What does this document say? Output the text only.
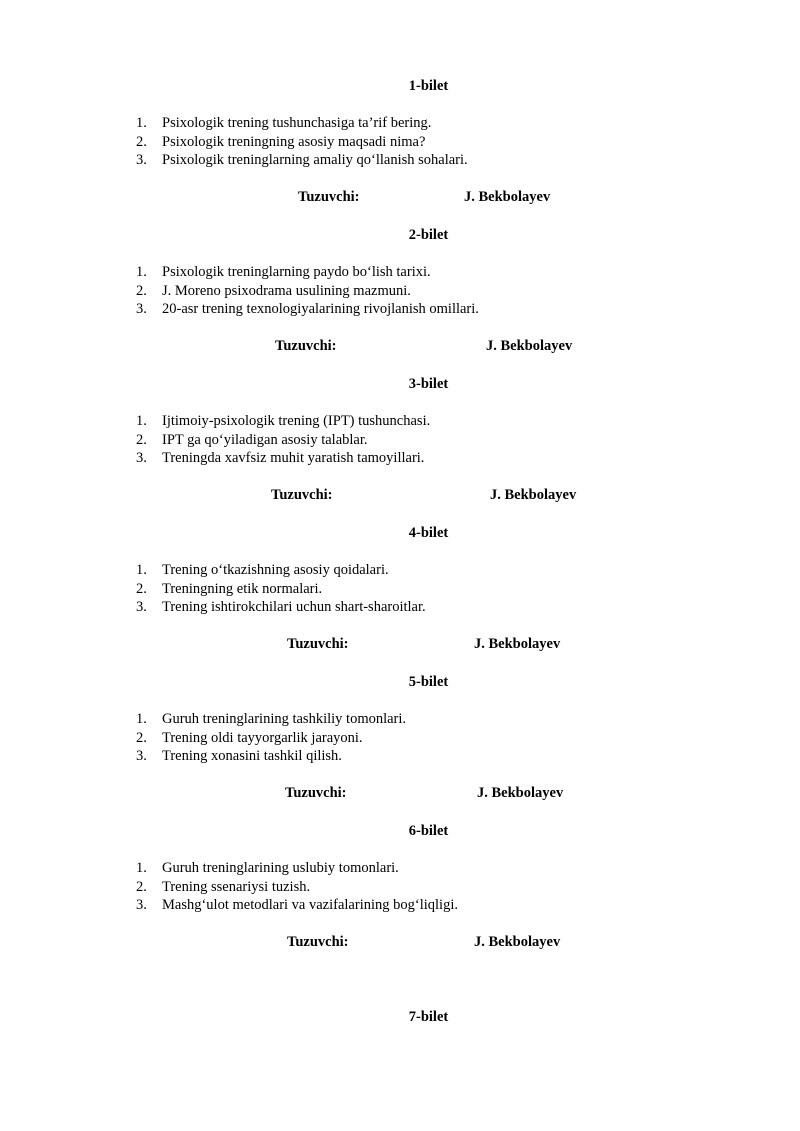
1-bilet
1. Psixologik trening tushunchasiga ta’rif bering.
2. Psixologik treningning asosiy maqsadi nima?
3. Psixologik treninglarning amaliy qo‘llanish sohalari.
Tuzuvchi:	J. Bekbolayev
2-bilet
1. Psixologik treninglarning paydo bo‘lish tarixi.
2. J. Moreno psixodrama usulining mazmuni.
3. 20-asr trening texnologiyalarining rivojlanish omillari.
Tuzuvchi:	J. Bekbolayev
3-bilet
1. Ijtimoiy-psixologik trening (IPT) tushunchasi.
2. IPT ga qo‘yiladigan asosiy talablar.
3. Treningda xavfsiz muhit yaratish tamoyillari.
Tuzuvchi:	J. Bekbolayev
4-bilet
1. Trening o‘tkazishning asosiy qoidalari.
2. Treningning etik normalari.
3. Trening ishtirokchilari uchun shart-sharoitlar.
Tuzuvchi:	J. Bekbolayev
5-bilet
1. Guruh treninglarining tashkiliy tomonlari.
2. Trening oldi tayyorgarlik jarayoni.
3. Trening xonasini tashkil qilish.
Tuzuvchi:	J. Bekbolayev
6-bilet
1. Guruh treninglarining uslubiy tomonlari.
2. Trening ssenariysi tuzish.
3. Mashg‘ulot metodlari va vazifalarining bog‘liqligi.
Tuzuvchi:	J. Bekbolayev
7-bilet
